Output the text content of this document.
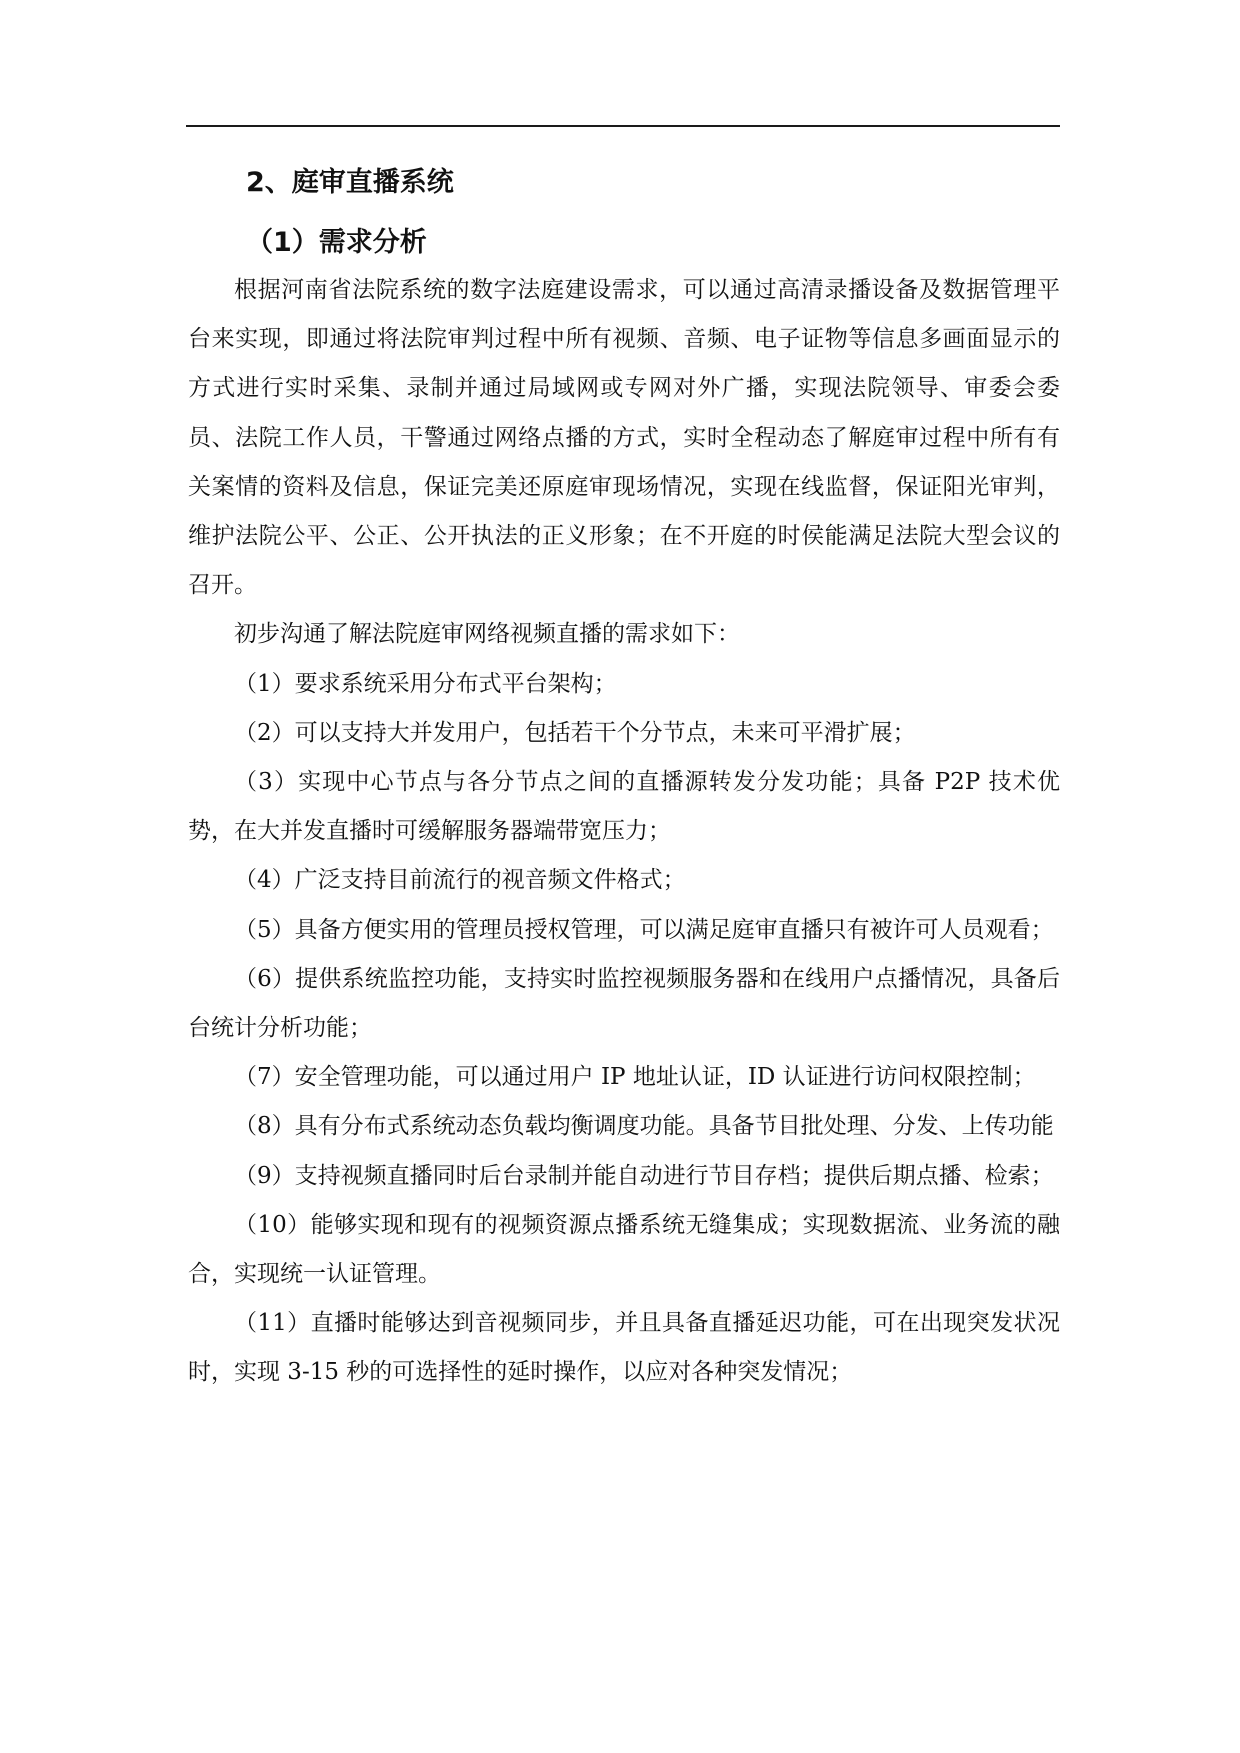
2、庭审直播系统
（1）需求分析

根据河南省法院系统的数字法庭建设需求，可以通过高清录播设备及数据管理平台来实现，即通过将法院审判过程中所有视频、音频、电子证物等信息多画面显示的方式进行实时采集、录制并通过局域网或专网对外广播，实现法院领导、审委会委员、法院工作人员，干警通过网络点播的方式，实时全程动态了解庭审过程中所有有关案情的资料及信息，保证完美还原庭审现场情况，实现在线监督，保证阳光审判，维护法院公平、公正、公开执法的正义形象；在不开庭的时侯能满足法院大型会议的召开。

初步沟通了解法院庭审网络视频直播的需求如下：

（1）要求系统采用分布式平台架构；

（2）可以支持大并发用户，包括若干个分节点，未来可平滑扩展；

（3）实现中心节点与各分节点之间的直播源转发分发功能；具备 P2P 技术优势，在大并发直播时可缓解服务器端带宽压力；

（4）广泛支持目前流行的视音频文件格式；

（5）具备方便实用的管理员授权管理，可以满足庭审直播只有被许可人员观看；

（6）提供系统监控功能，支持实时监控视频服务器和在线用户点播情况，具备后台统计分析功能；

（7）安全管理功能，可以通过用户 IP 地址认证，ID 认证进行访问权限控制；

（8）具有分布式系统动态负载均衡调度功能。具备节目批处理、分发、上传功能

（9）支持视频直播同时后台录制并能自动进行节目存档；提供后期点播、检索；

（10）能够实现和现有的视频资源点播系统无缝集成；实现数据流、业务流的融合，实现统一认证管理。

（11）直播时能够达到音视频同步，并且具备直播延迟功能，可在出现突发状况时，实现 3-15 秒的可选择性的延时操作，以应对各种突发情况；
